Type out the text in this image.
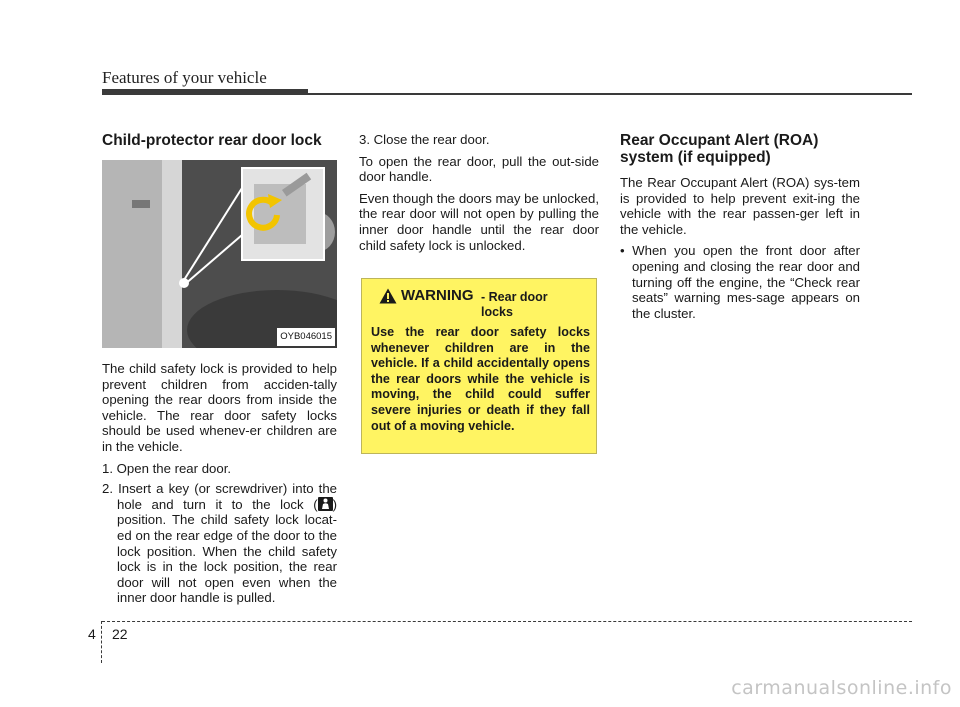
Features of your vehicle
Child-protector rear door lock
OYB046015

The child safety lock is provided to help prevent children from acciden-tally opening the rear doors from inside the vehicle. The rear door safety locks should be used whenev-er children are in the vehicle.

1. Open the rear door.

2. Insert a key (or screwdriver) into the hole and turn it to the lock ( ) position. The child safety lock locat-ed on the rear edge of the door to the lock position. When the child safety lock is in the lock position, the rear door will not open even when the inner door handle is pulled.

3. Close the rear door.

To open the rear door, pull the out-side door handle.

Even though the doors may be unlocked, the rear door will not open by pulling the inner door handle until the rear door child safety lock is unlocked.

WARNING - Rear door locks
Use the rear door safety locks whenever children are in the vehicle. If a child accidentally opens the rear doors while the vehicle is moving, the child could suffer severe injuries or death if they fall out of a moving vehicle.
Rear Occupant Alert (ROA) system (if equipped)

The Rear Occupant Alert (ROA) sys-tem is provided to help prevent exit-ing the vehicle with the rear passen-ger left in the vehicle.

• When you open the front door after opening and closing the rear door and turning off the engine, the “Check rear seats” warning mes-sage appears on the cluster.

4 22
carmanualsonline.info
